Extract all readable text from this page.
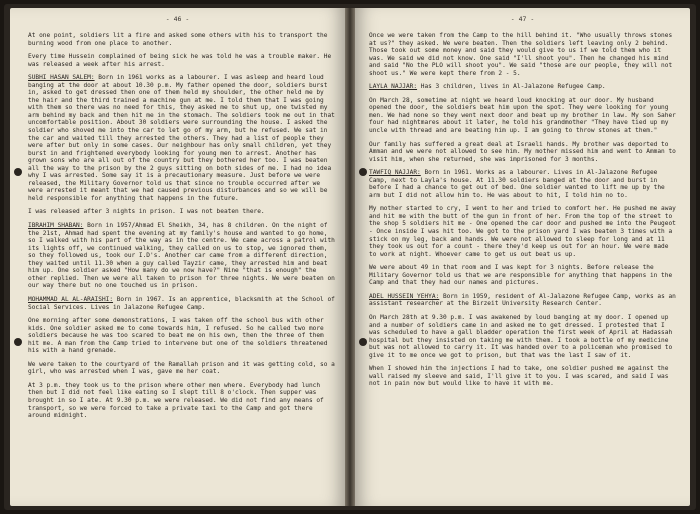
- 46 -

At one point, soldiers lit a fire and asked some others with his to transport the burning wood from one place to another.

Every time Hussein complained of being sick he was told he was a trouble maker. He was released a week after his arrest.

SUBHI HASAN SALEM: Born in 1961 works as a labourer. I was asleep and heard loud banging at the door at about 10.30 p.m. My father opened the door, soldiers burst in, asked to get dressed then one of them held my shoulder, the other held me by the hair and the third trained a machine gun at me. I told them that I was going with them so there was no need for this, they asked me to shut up, one twisted my arm behind my back and then hit me in the stomach. The soldiers took me out in that uncomfortable position. About 30 soldiers were surrounding the house. I asked the soldier who shoved me into the car to let go of my arm, but he refused. We sat in the car and waited till they arrested the others. They had a list of people they were after but only in some cases. Our neighbour has only small children, yet they burst in and frightened everybody looking for young men to arrest. Another has grown sons who are all out of the country but they bothered her too. I was beaten all the way to the prison by the 2 guys sitting on both sides of me. I had no idea why I was arrested. Some say it is a precautionary measure. Just before we were released, the Military Governor told us that since no trouble occurred after we were arrested it meant that we had caused previous disturbances and so we will be held responsible for anything that happens in the future.

I was released after 3 nights in prison. I was not beaten there.

IBRAHIM SHABAN: Born in 1957/Ahmad El Sheikh, 34, has 8 children. On the night of the 21st, Ahmad had spent the evening at my family's house and wanted to go home, so I walked with his part of the way as in the centre. We came across a patrol with its lights off, we continued walking, they called on us to stop, we ignored them, so they followed us, took our I.D's. Another car came from a different direction, they waited until 11.30 when a guy called Tayzir came, they arrested him and beat him up. One soldier asked "How many do we now have?" Nine "that is enough" the other replied. Then we were all taken to prison for three nights. We were beaten on our way there but no one touched us in prison.

MOHAMMAD AL AL-ARAISHI: Born in 1967. Is an apprentice, blacksmith at the School of Social Services. Lives in Jalazone Refugee Camp.

One morning after some demonstrations, I was taken off the school bus with other kids. One soldier asked me to come towards him, I refused. So he called two more soldiers because he was too scared to beat me on his own, then the three of them hit me. A man from the Camp tried to intervene but one of the soldiers threatened his with a hand grenade.

We were taken to the courtyard of the Ramallah prison and it was getting cold, so a girl, who was arrested when I was, gave me her coat.

At 3 p.m. they took us to the prison where other men where. Everybody had lunch then but I did not feel like eating so I slept till 8 o'clock. Then supper was brought in so I ate. At 9.30 p.m. we were released. We did not find any means of transport, so we were forced to take a private taxi to the Camp and got there around midnight.

- 47 -

Once we were taken from the Camp to the hill behind it. "Who usually throws stones at us?" they asked. We were beaten. Then the soldiers left leaving only 2 behind. Those took out some money and said they would give to us if we told them who it was. We said we did not know. One said "I'll shoot you". Then he changed his mind and said "No the PLO will shoot you". We said "those are our people, they will not shoot us." We were kept there from 2 - 5.

LAYLA NAJJAR: Has 3 children, lives in Al-Jalazone Refugee Camp.

On March 28, sometime at night we heard loud knocking at our door. My husband opened the door, the soldiers beat him upon the spot. They were looking for young men. We had none so they went next door and beat up my brother in law. My son Saher four had nightmares about it later, he told his grandmother "They have tied up my uncle with thread and are beating him up. I am going to throw stones at them."

Our family has suffered a great deal at Israeli hands. My brother was deported to Amman and we were not allowed to see him. My mother missed him and went to Amman to visit him, when she returned, she was imprisoned for 3 months.

TAWFIQ NAJJAR: Born in 1961. Works as a labourer. Lives in Al-Jalazone Refugee Camp, next to Layla's house. At 11.30 soldiers banged at the door and burst in before I had a chance to get out of bed. One soldier wanted to lift me up by the arm but I did not allow him to. He was about to hit, I told him no to.

My mother started to cry, I went to her and tried to comfort her. He pushed me away and hit me with the butt of the gun in front of her. From the top of the street to the shop 5 soldiers hit me - One opened the car door and pushed me into the Peugeot - Once inside I was hit too. We got to the prison yard I was beaten 3 times with a stick on my leg, back and hands. We were not allowed to sleep for long and at 11 they took us out for a count - there they'd keep us out for an hour. We were made to work at night. Whoever came to get us out beat us up.

We were about 49 in that room and I was kept for 3 nights. Before release the Military Governor told us that we are responsible for anything that happens in the Camp and that they had our names and pictures.

ADEL HUSSEIN YEHYA: Born in 1959, resident of Al-Jalazone Refugee Camp, works as an assistant researcher at the Birzeit University Research Center.

On March 28th at 9.30 p.m. I was awakened by loud banging at my door. I opened up and a number of soldiers came in and asked me to get dressed. I protested that I was scheduled to have a gall bladder operation the first week of April at Hadassah hospital but they insisted on taking me with them. I took a bottle of my medicine but was not allowed to carry it. It was handed over to a policeman who promised to give it to me once we got to prison, but that was the last I saw of it.

When I showed him the injections I had to take, one soldier pushed me against the wall raised my sleeve and said, I'll give it to you. I was scared, and said I was not in pain now but would like to have it with me.
